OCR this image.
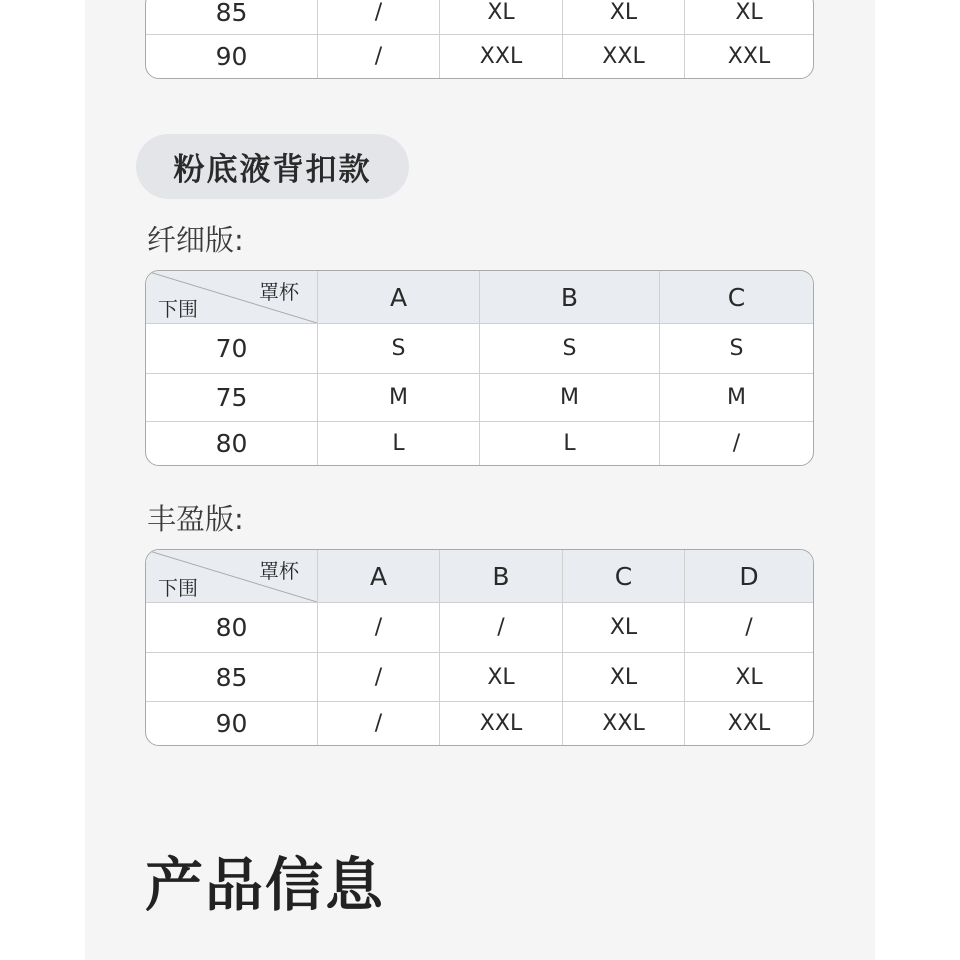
85	/	XL	XL	XL
90	/	XXL	XXL	XXL
粉底液背扣款
纤细版:
罩杯
下围	A	B	C
70	S	S	S
75	M	M	M
80	L	L	/
丰盈版:
罩杯
下围	A	B	C	D
80	/	/	XL	/
85	/	XL	XL	XL
90	/	XXL	XXL	XXL
产品信息
